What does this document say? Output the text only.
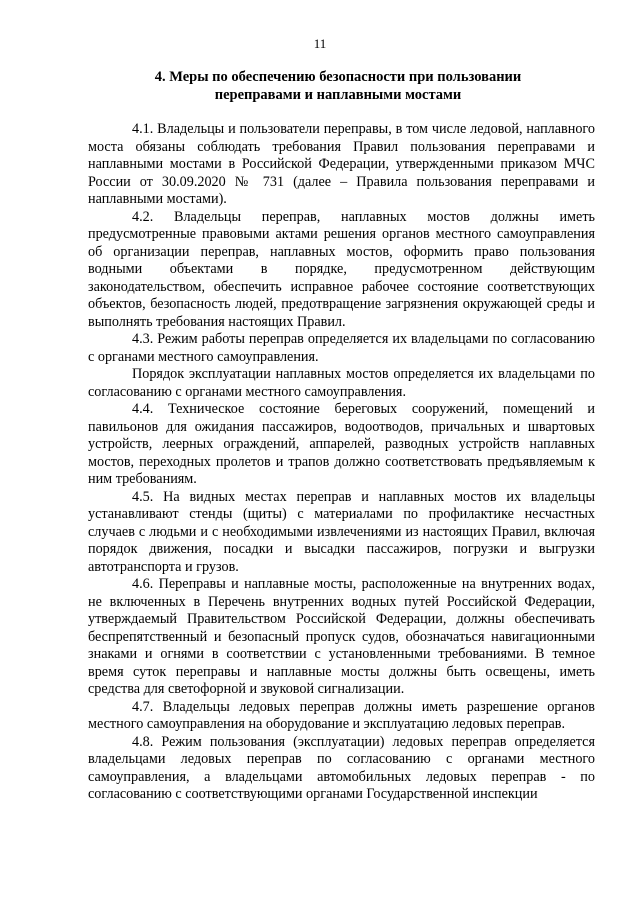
11
4. Меры по обеспечению безопасности при пользовании
переправами и наплавными мостами

4.1. Владельцы и пользователи переправы, в том числе ледовой, наплавного моста обязаны соблюдать требования Правил пользования переправами и наплавными мостами в Российской Федерации, утвержденными приказом МЧС России от 30.09.2020 № 731 (далее – Правила пользования переправами и наплавными мостами).

4.2. Владельцы переправ, наплавных мостов должны иметь предусмотренные правовыми актами решения органов местного самоуправления об организации переправ, наплавных мостов, оформить право пользования водными объектами в порядке, предусмотренном действующим законодательством, обеспечить исправное рабочее состояние соответствующих объектов, безопасность людей, предотвращение загрязнения окружающей среды и выполнять требования настоящих Правил.

4.3. Режим работы переправ определяется их владельцами по согласованию с органами местного самоуправления.

Порядок эксплуатации наплавных мостов определяется их владельцами по согласованию с органами местного самоуправления.

4.4. Техническое состояние береговых сооружений, помещений и павильонов для ожидания пассажиров, водоотводов, причальных и швартовых устройств, леерных ограждений, аппарелей, разводных устройств наплавных мостов, переходных пролетов и трапов должно соответствовать предъявляемым к ним требованиям.

4.5. На видных местах переправ и наплавных мостов их владельцы устанавливают стенды (щиты) с материалами по профилактике несчастных случаев с людьми и с необходимыми извлечениями из настоящих Правил, включая порядок движения, посадки и высадки пассажиров, погрузки и выгрузки автотранспорта и грузов.

4.6. Переправы и наплавные мосты, расположенные на внутренних водах, не включенных в Перечень внутренних водных путей Российской Федерации, утверждаемый Правительством Российской Федерации, должны обеспечивать беспрепятственный и безопасный пропуск судов, обозначаться навигационными знаками и огнями в соответствии с установленными требованиями. В темное время суток переправы и наплавные мосты должны быть освещены, иметь средства для светофорной и звуковой сигнализации.

4.7. Владельцы ледовых переправ должны иметь разрешение органов местного самоуправления на оборудование и эксплуатацию ледовых переправ.

4.8. Режим пользования (эксплуатации) ледовых переправ определяется владельцами ледовых переправ по согласованию с органами местного самоуправления, а владельцами автомобильных ледовых переправ - по согласованию с соответствующими органами Государственной инспекции
